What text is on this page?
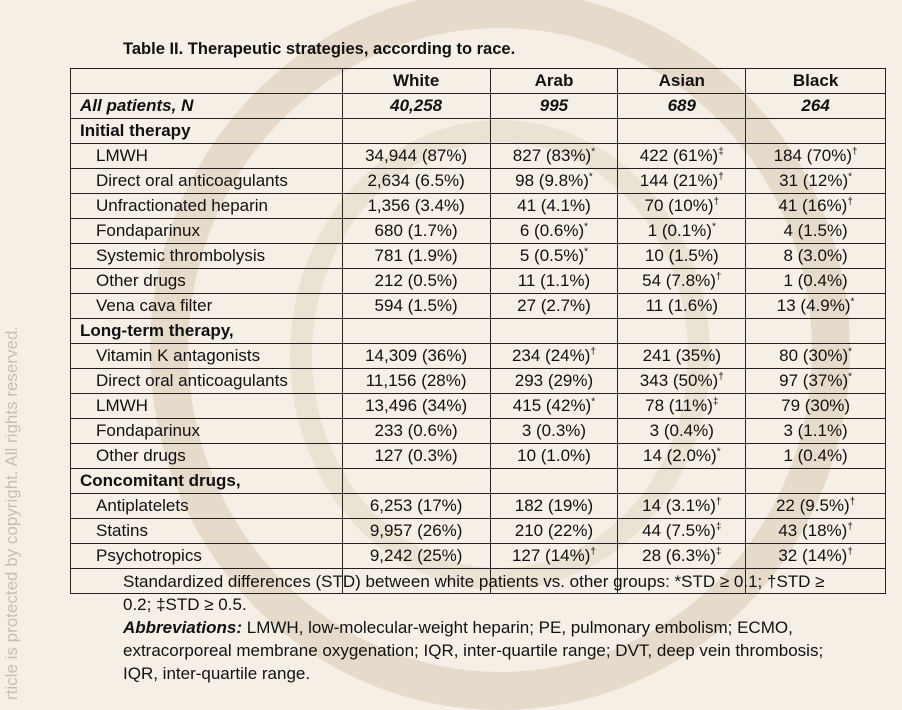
rticle is protected by copyright. All rights reserved.
Table II. Therapeutic strategies, according to race.
	White	Arab	Asian	Black
All patients, N	40,258	995	689	264
Initial therapy				
LMWH	34,944 (87%)	827 (83%)*	422 (61%)‡	184 (70%)†
Direct oral anticoagulants	2,634 (6.5%)	98 (9.8%)*	144 (21%)†	31 (12%)*
Unfractionated heparin	1,356 (3.4%)	41 (4.1%)	70 (10%)†	41 (16%)†
Fondaparinux	680 (1.7%)	6 (0.6%)*	1 (0.1%)*	4 (1.5%)
Systemic thrombolysis	781 (1.9%)	5 (0.5%)*	10 (1.5%)	8 (3.0%)
Other drugs	212 (0.5%)	11 (1.1%)	54 (7.8%)†	1 (0.4%)
Vena cava filter	594 (1.5%)	27 (2.7%)	11 (1.6%)	13 (4.9%)*
Long-term therapy,				
Vitamin K antagonists	14,309 (36%)	234 (24%)†	241 (35%)	80 (30%)*
Direct oral anticoagulants	11,156 (28%)	293 (29%)	343 (50%)†	97 (37%)*
LMWH	13,496 (34%)	415 (42%)*	78 (11%)‡	79 (30%)
Fondaparinux	233 (0.6%)	3 (0.3%)	3 (0.4%)	3 (1.1%)
Other drugs	127 (0.3%)	10 (1.0%)	14 (2.0%)*	1 (0.4%)
Concomitant drugs,				
Antiplatelets	6,253 (17%)	182 (19%)	14 (3.1%)†	22 (9.5%)†
Statins	9,957 (26%)	210 (22%)	44 (7.5%)‡	43 (18%)†
Psychotropics	9,242 (25%)	127 (14%)†	28 (6.3%)‡	32 (14%)†

Standardized differences (STD) between white patients vs. other groups: *STD ≥ 0.1; †STD ≥ 0.2; ‡STD ≥ 0.5.

Abbreviations: LMWH, low-molecular-weight heparin; PE, pulmonary embolism; ECMO, extracorporeal membrane oxygenation; IQR, inter-quartile range; DVT, deep vein thrombosis; IQR, inter-quartile range.
